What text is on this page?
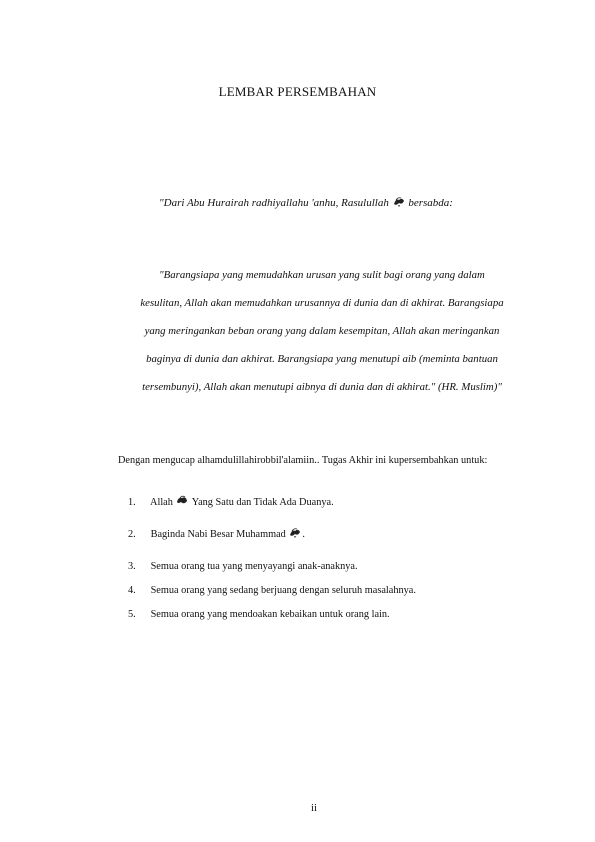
LEMBAR PERSEMBAHAN

"Dari Abu Hurairah radhiyallahu 'anhu, Rasulullah bersabda:

"Barangsiapa yang memudahkan urusan yang sulit bagi orang yang dalam
kesulitan, Allah akan memudahkan urusannya di dunia dan di akhirat. Barangsiapa
yang meringankan beban orang yang dalam kesempitan, Allah akan meringankan
baginya di dunia dan akhirat. Barangsiapa yang menutupi aib (meminta bantuan
tersembunyi), Allah akan menutupi aibnya di dunia dan di akhirat." (HR. Muslim)"

Dengan mengucap alhamdulillahirobbil'alamiin.. Tugas Akhir ini kupersembahkan untuk:

1. Allah Yang Satu dan Tidak Ada Duanya.
2. Baginda Nabi Besar Muhammad .
3. Semua orang tua yang menyayangi anak-anaknya.
4. Semua orang yang sedang berjuang dengan seluruh masalahnya.
5. Semua orang yang mendoakan kebaikan untuk orang lain.
ii
